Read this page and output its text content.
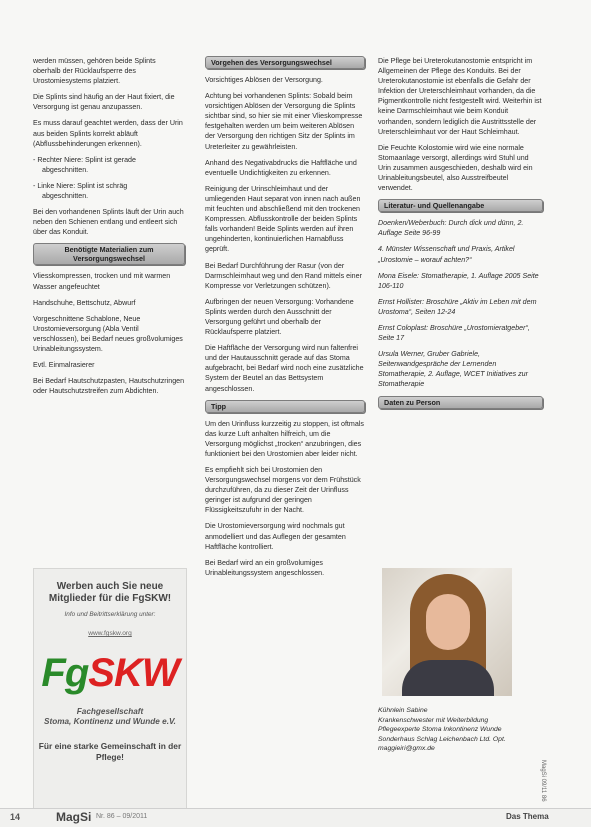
werden müssen, gehören beide Splints oberhalb der Rücklaufsperre des Urostomiesystems platziert.

Die Splints sind häufig an der Haut fixiert, die Versorgung ist genau anzupassen.

Es muss darauf geachtet werden, dass der Urin aus beiden Splints korrekt abläuft (Abflussbehinderungen erkennen).

- Rechter Niere: Splint ist gerade

abgeschnitten.

- Linke Niere: Splint ist schräg

abgeschnitten.

Bei den vorhandenen Splints läuft der Urin auch neben den Schienen entlang und entleert sich über das Konduit.

Benötigte Materialien zum Versorgungswechsel

Vliesskompressen, trocken und mit warmen Wasser angefeuchtet

Handschuhe, Bettschutz, Abwurf

Vorgeschnittene Schablone, Neue Urostomieversorgung (Abla Ventil verschlossen), bei Bedarf neues großvolumiges Urinableitungssystem.

Evtl. Einmalrasierer

Bei Bedarf Hautschutzpasten, Hautschutzringen oder Hautschutzstreifen zum Abdichten.

Werben auch Sie neue Mitglieder für die FgSKW!
Info und Beitrittserklärung unter:
www.fgskw.org
FgSKW
Fachgesellschaft
Stoma, Kontinenz und Wunde e.V.
Für eine starke Gemeinschaft in der Pflege!
Vorgehen des Versorgungswechsel

Vorsichtiges Ablösen der Versorgung.

Achtung bei vorhandenen Splints: Sobald beim vorsichtigen Ablösen der Versorgung die Splints sichtbar sind, so hier sie mit einer Vlieskompresse festgehalten werden um beim weiteren Ablösen der Versorgung den richtigen Sitz der Splints im Ureterleiter zu gewährleisten.

Anhand des Negativabdrucks die Haftfläche und eventuelle Undichtigkeiten zu erkennen.

Reinigung der Urinschleimhaut und der umliegenden Haut separat von innen nach außen mit feuchten und abschließend mit den trockenen Kompressen. Abflusskontrolle der beiden Splints falls vorhanden! Beide Splints werden auf ihren ungehinderten, kontinuierlichen Harnabfluss geprüft.

Bei Bedarf Durchführung der Rasur (von der Darmschleimhaut weg und den Rand mittels einer Kompresse vor Verletzungen schützen).

Aufbringen der neuen Versorgung: Vorhandene Splints werden durch den Ausschnitt der Versorgung geführt und oberhalb der Rücklaufsperre platziert.

Die Haftfläche der Versorgung wird nun faltenfrei und der Hautausschnitt gerade auf das Stoma aufgebracht, bei Bedarf wird noch eine zusätzliche System der Beutel an das Bettsystem angeschlossen.

Tipp

Um den Urinfluss kurzzeitig zu stoppen, ist oftmals das kurze Luft anhalten hilfreich, um die Versorgung möglichst „trocken“ anzubringen, dies funktioniert bei den Urostomien aber leider nicht.

Es empfiehlt sich bei Urostomien den Versorgungswechsel morgens vor dem Frühstück durchzuführen, da zu dieser Zeit der Urinfluss geringer ist aufgrund der geringen Flüssigkeitszufuhr in der Nacht.

Die Urostomieversorgung wird nochmals gut anmodelliert und das Auflegen der gesamten Haftfläche kontrolliert.

Bei Bedarf wird an ein großvolumiges Urinableitungssystem angeschlossen.

Die Pflege bei Ureterokutanostomie entspricht im Allgemeinen der Pflege des Konduits. Bei der Ureterokutanostomie ist ebenfalls die Gefahr der Infektion der Ureterschleimhaut vorhanden, da die Pigmentkontrolle nicht festgestellt wird. Weiterhin ist keine Darmschleimhaut wie beim Konduit vorhanden, sondern lediglich die Austrittsstelle der Ureterschleimhaut vor der Haut Schleimhaut.

Die Feuchte Kolostomie wird wie eine normale Stomaanlage versorgt, allerdings wird Stuhl und Urin zusammen ausgeschieden, deshalb wird ein Urinableitungsbeutel, also Ausstreifbeutel verwendet.

Literatur- und Quellenangabe

Doenken/Weberbuch: Durch dick und dünn, 2. Auflage Seite 96-99

4. Münster Wissenschaft und Praxis, Artikel „Urostomie – worauf achten?“

Mona Eisele: Stomatherapie, 1. Auflage 2005 Seite 106-110

Ernst Hollister: Broschüre „Aktiv im Leben mit dem Urostoma“, Seiten 12-24

Ernst Coloplast: Broschüre „Urostomieratgeber“, Seite 17

Ursula Werner, Gruber Gabriele, Seitenwandgespräche der Lernenden Stomatherapie, 2. Auflage, WCET Initiatives zur Stomatherapie

Daten zu Person
Kühnlein Sabine
Krankenschwester mit Weiterbildung
Pflegeexperte Stoma Inkontinenz Wunde
Sonderhaus Schlag Leichenbach Ltd. Opt.
maggieiri@gmx.de
MagSi 09/11 86
14	MagSi Nr. 86 – 09/2011	Das Thema
